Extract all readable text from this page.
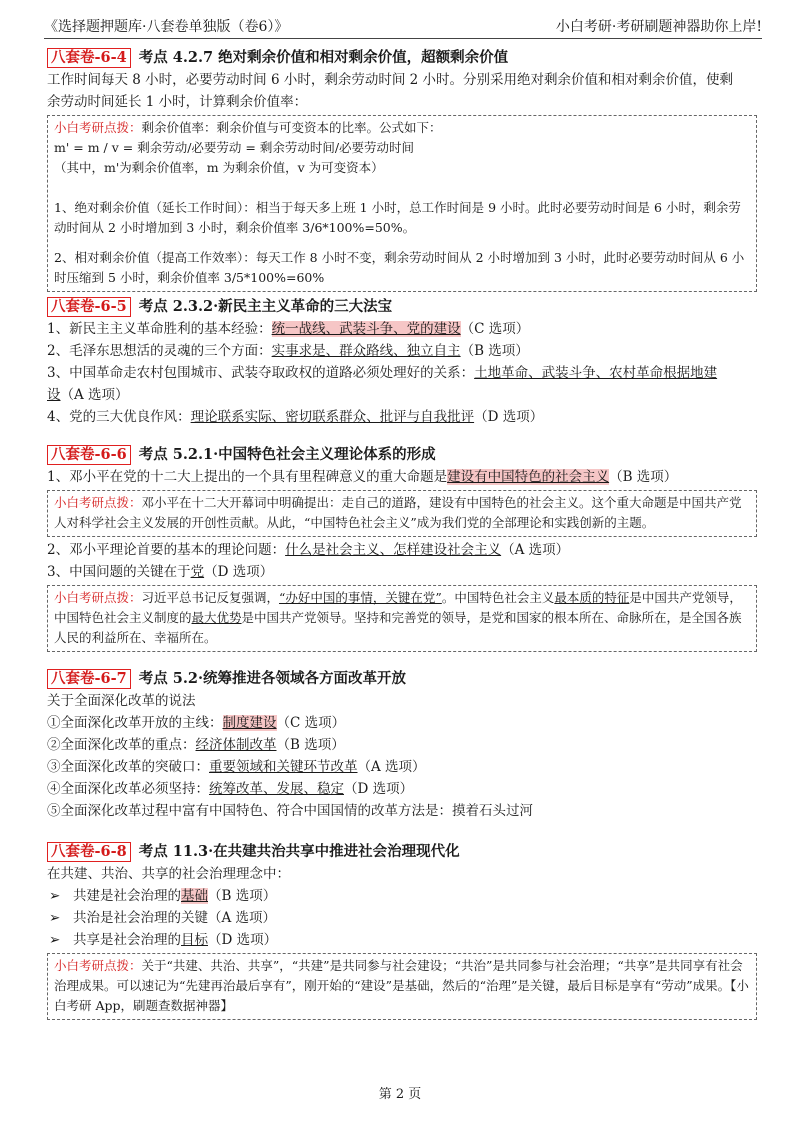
《选择题押题库·八套卷单独版（卷6）》	小白考研·考研刷题神器助你上岸!
八套卷-6-4 考点 4.2.7 绝对剩余价值和相对剩余价值，超额剩余价值

工作时间每天 8 小时，必要劳动时间 6 小时，剩余劳动时间 2 小时。分别采用绝对剩余价值和相对剩余价值，使剩

余劳动时间延长 1 小时，计算剩余价值率：

小白考研点拨：剩余价值率：剩余价值与可变资本的比率。公式如下：

m' = m / v = 剩余劳动/必要劳动 = 剩余劳动时间/必要劳动时间

（其中，m'为剩余价值率，m 为剩余价值，v 为可变资本）

1、绝对剩余价值（延长工作时间）：相当于每天多上班 1 小时，总工作时间是 9 小时。此时必要劳动时间是 6 小时，剩余劳动时间从 2 小时增加到 3 小时，剩余价值率 3/6*100%=50%。

2、相对剩余价值（提高工作效率）：每天工作 8 小时不变，剩余劳动时间从 2 小时增加到 3 小时，此时必要劳动时间从 6 小时压缩到 5 小时，剩余价值率 3/5*100%=60%

八套卷-6-5 考点 2.3.2·新民主主义革命的三大法宝

1、新民主主义革命胜利的基本经验：统一战线、武装斗争、党的建设（C 选项）

2、毛泽东思想活的灵魂的三个方面：实事求是、群众路线、独立自主（B 选项）

3、中国革命走农村包围城市、武装夺取政权的道路必须处理好的关系：土地革命、武装斗争、农村革命根据地建

设（A 选项）

4、党的三大优良作风：理论联系实际、密切联系群众、批评与自我批评（D 选项）

八套卷-6-6 考点 5.2.1·中国特色社会主义理论体系的形成

1、邓小平在党的十二大上提出的一个具有里程碑意义的重大命题是建设有中国特色的社会主义（B 选项）

小白考研点拨：邓小平在十二大开幕词中明确提出：走自己的道路，建设有中国特色的社会主义。这个重大命题是中国共产党人对科学社会主义发展的开创性贡献。从此，“中国特色社会主义”成为我们党的全部理论和实践创新的主题。

2、邓小平理论首要的基本的理论问题：什么是社会主义、怎样建设社会主义（A 选项）

3、中国问题的关键在于党（D 选项）

小白考研点拨：习近平总书记反复强调，“办好中国的事情，关键在党”。中国特色社会主义最本质的特征是中国共产党领导，中国特色社会主义制度的最大优势是中国共产党领导。坚持和完善党的领导，是党和国家的根本所在、命脉所在，是全国各族人民的利益所在、幸福所在。

八套卷-6-7 考点 5.2·统筹推进各领域各方面改革开放

关于全面深化改革的说法

①全面深化改革开放的主线：制度建设（C 选项）

②全面深化改革的重点：经济体制改革（B 选项）

③全面深化改革的突破口：重要领域和关键环节改革（A 选项）

④全面深化改革必须坚持：统筹改革、发展、稳定（D 选项）

⑤全面深化改革过程中富有中国特色、符合中国国情的改革方法是：摸着石头过河

八套卷-6-8 考点 11.3·在共建共治共享中推进社会治理现代化

在共建、共治、共享的社会治理理念中：

➢ 共建是社会治理的基础（B 选项）
➢ 共治是社会治理的关键（A 选项）
➢ 共享是社会治理的目标（D 选项）

小白考研点拨：关于“共建、共治、共享”，“共建”是共同参与社会建设；“共治”是共同参与社会治理；“共享”是共同享有社会治理成果。可以速记为“先建再治最后享有”，刚开始的“建设”是基础，然后的“治理”是关键，最后目标是享有“劳动”成果。【小白考研 App，刷题查数据神器】

第 2 页
